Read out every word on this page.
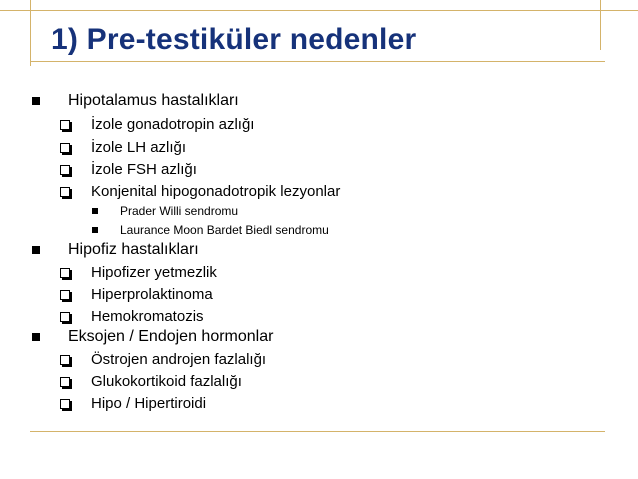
1) Pre-testiküler nedenler
Hipotalamus hastalıkları
İzole gonadotropin azlığı
İzole LH azlığı
İzole FSH azlığı
Konjenital hipogonadotropik lezyonlar
Prader Willi sendromu
Laurance Moon Bardet Biedl sendromu
Hipofiz hastalıkları
Hipofizer yetmezlik
Hiperprolaktinoma
Hemokromatozis
Eksojen / Endojen hormonlar
Östrojen androjen fazlalığı
Glukokortikoid fazlalığı
Hipo / Hipertiroidi
